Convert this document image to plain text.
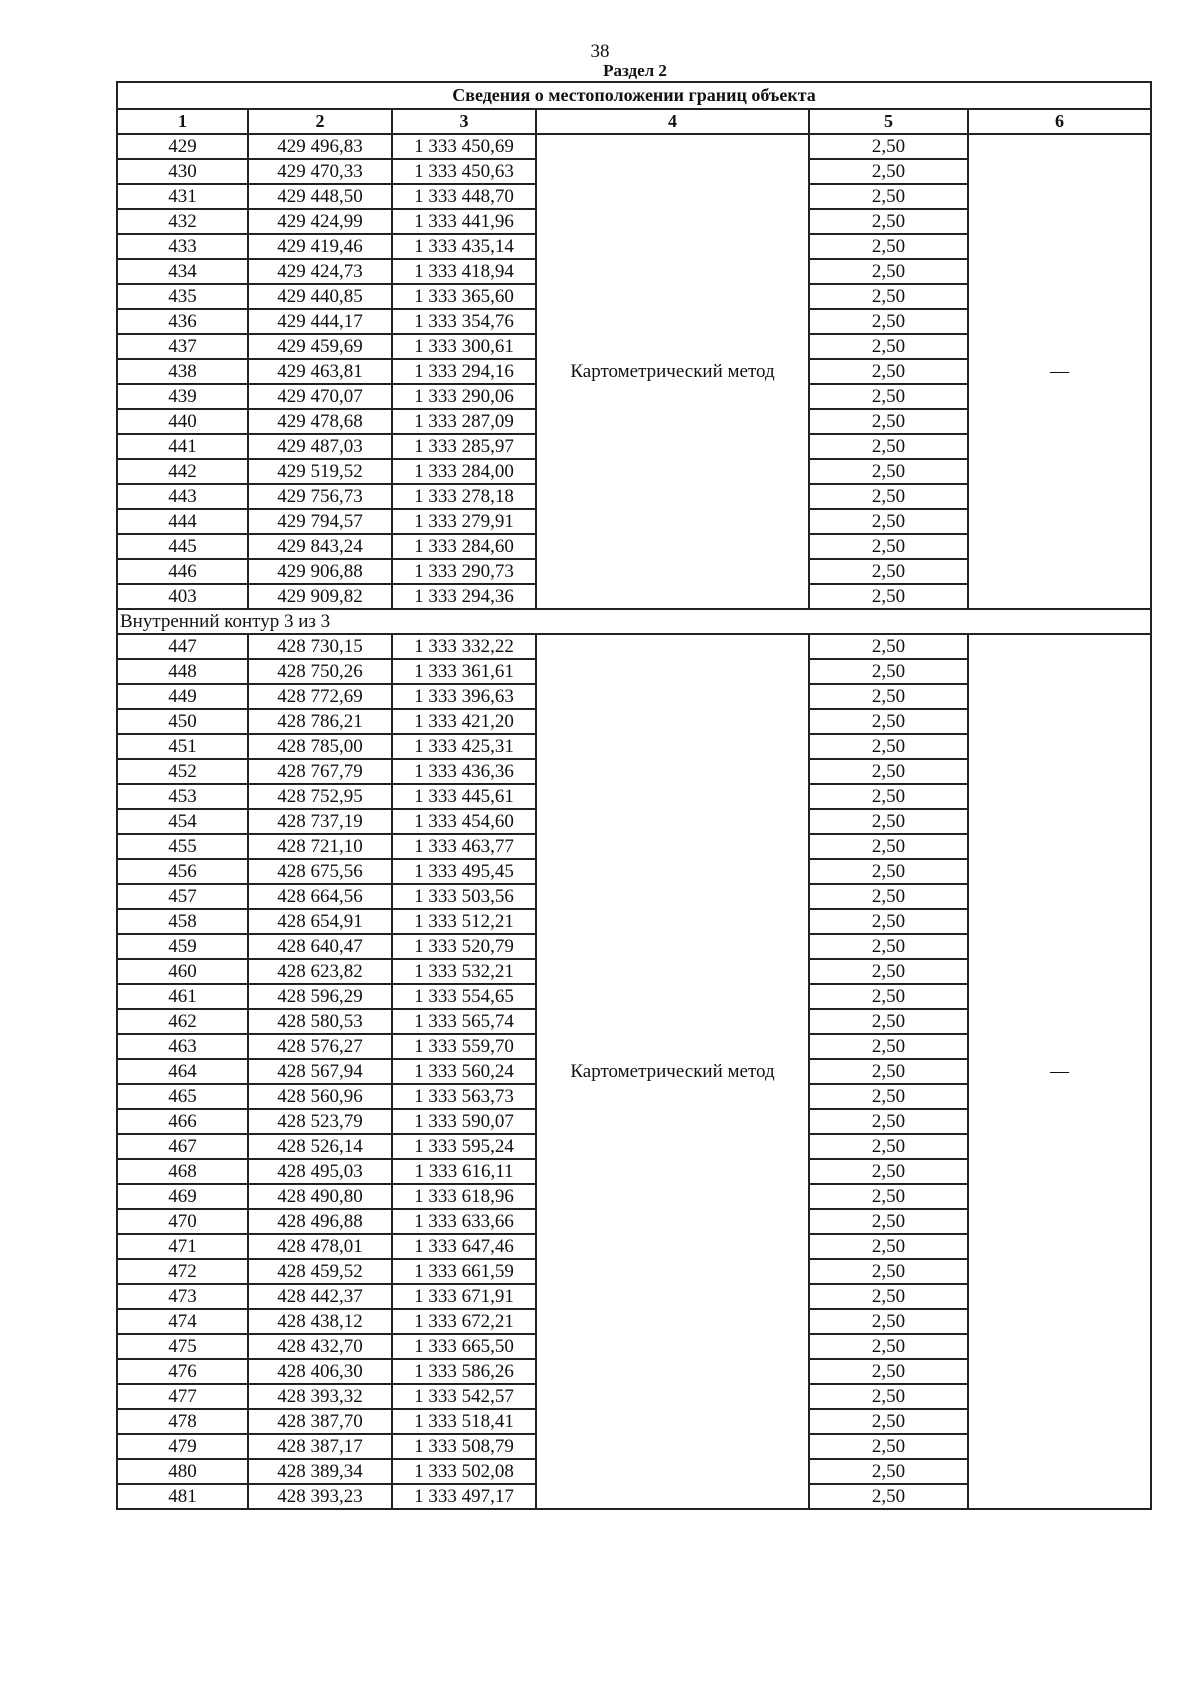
38
Раздел 2
Сведения о местоположении границ объекта					
1	2	3	4	5	6
429	429 496,83	1 333 450,69	Картометрический метод	2,50	—
430	429 470,33	1 333 450,63		2,50	
431	429 448,50	1 333 448,70		2,50	
432	429 424,99	1 333 441,96		2,50	
433	429 419,46	1 333 435,14		2,50	
434	429 424,73	1 333 418,94		2,50	
435	429 440,85	1 333 365,60		2,50	
436	429 444,17	1 333 354,76		2,50	
437	429 459,69	1 333 300,61		2,50	
438	429 463,81	1 333 294,16		2,50	
439	429 470,07	1 333 290,06		2,50	
440	429 478,68	1 333 287,09		2,50	
441	429 487,03	1 333 285,97		2,50	
442	429 519,52	1 333 284,00		2,50	
443	429 756,73	1 333 278,18		2,50	
444	429 794,57	1 333 279,91		2,50	
445	429 843,24	1 333 284,60		2,50	
446	429 906,88	1 333 290,73		2,50	
403	429 909,82	1 333 294,36		2,50	
Внутренний контур 3 из 3					
447	428 730,15	1 333 332,22	Картометрический метод	2,50	—
448	428 750,26	1 333 361,61		2,50	
449	428 772,69	1 333 396,63		2,50	
450	428 786,21	1 333 421,20		2,50	
451	428 785,00	1 333 425,31		2,50	
452	428 767,79	1 333 436,36		2,50	
453	428 752,95	1 333 445,61		2,50	
454	428 737,19	1 333 454,60		2,50	
455	428 721,10	1 333 463,77		2,50	
456	428 675,56	1 333 495,45		2,50	
457	428 664,56	1 333 503,56		2,50	
458	428 654,91	1 333 512,21		2,50	
459	428 640,47	1 333 520,79		2,50	
460	428 623,82	1 333 532,21		2,50	
461	428 596,29	1 333 554,65		2,50	
462	428 580,53	1 333 565,74		2,50	
463	428 576,27	1 333 559,70		2,50	
464	428 567,94	1 333 560,24		2,50	
465	428 560,96	1 333 563,73		2,50	
466	428 523,79	1 333 590,07		2,50	
467	428 526,14	1 333 595,24		2,50	
468	428 495,03	1 333 616,11		2,50	
469	428 490,80	1 333 618,96		2,50	
470	428 496,88	1 333 633,66		2,50	
471	428 478,01	1 333 647,46		2,50	
472	428 459,52	1 333 661,59		2,50	
473	428 442,37	1 333 671,91		2,50	
474	428 438,12	1 333 672,21		2,50	
475	428 432,70	1 333 665,50		2,50	
476	428 406,30	1 333 586,26		2,50	
477	428 393,32	1 333 542,57		2,50	
478	428 387,70	1 333 518,41		2,50	
479	428 387,17	1 333 508,79		2,50	
480	428 389,34	1 333 502,08		2,50	
481	428 393,23	1 333 497,17		2,50	
